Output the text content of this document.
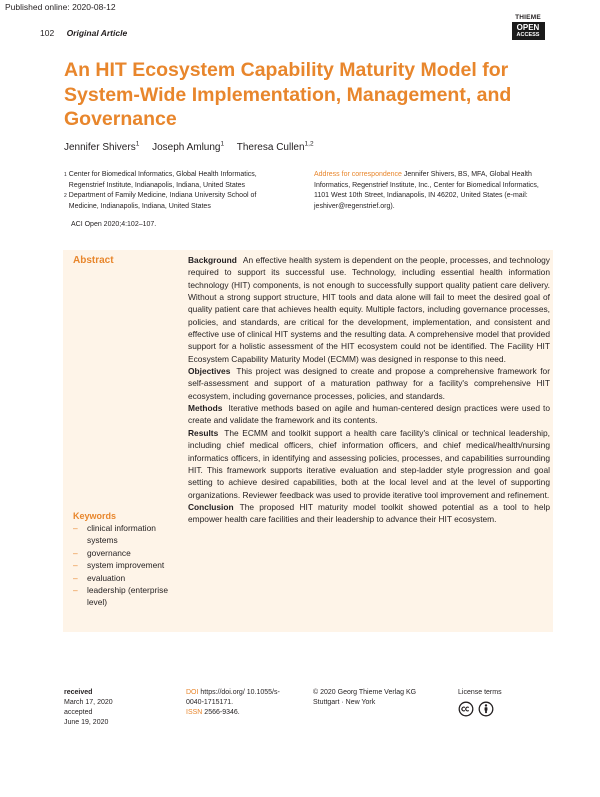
Published online: 2020-08-12
102 Original Article
THIEME
OPEN
ACCESS
An HIT Ecosystem Capability Maturity Model for System-Wide Implementation, Management, and Governance
Jennifer Shivers$^1$ Joseph Amlung$^1$ Theresa Cullen$^{1,2}$
1 Center for Biomedical Informatics, Global Health Informatics, Regenstrief Institute, Indianapolis, Indiana, United States
2 Department of Family Medicine, Indiana University School of Medicine, Indianapolis, Indiana, United States
Address for correspondence Jennifer Shivers, BS, MFA, Global Health Informatics, Regenstrief Institute, Inc., Center for Biomedical Informatics, 1101 West 10th Street, Indianapolis, IN 46202, United States (e-mail: jeshiver@regenstrief.org).
ACI Open 2020;4:102–107.
Abstract	Background An effective health system is dependent on the people, processes, and technology required to support its successful use. Technology, including essential health information technology (HIT) components, is not enough to successfully support quality patient care delivery. Without a strong support structure, HIT tools and data alone will fail to meet the desired goal of quality patient care that achieves health equity. Multiple factors, including governance processes, policies, and standards, are critical for the development, implementation, and consistent and effective use of clinical HIT systems and the resulting data. A comprehensive model that provided support for a holistic assessment of the HIT ecosystem could not be identified. The Facility HIT Ecosystem Capability Maturity Model (ECMM) was designed in response to this need.

Objectives This project was designed to create and propose a comprehensive framework for self-assessment and support of a maturation pathway for a facility's comprehensive HIT ecosystem, including governance processes, policies, and standards.

Methods Iterative methods based on agile and human-centered design practices were used to create and validate the framework and its contents.

Results The ECMM and toolkit support a health care facility's clinical or technical leadership, including chief medical officers, chief information officers, and chief medical/health/nursing informatics officers, in identifying and assessing policies, processes, and capabilities surrounding HIT. This framework supports iterative evaluation and step-ladder style progression and goal setting to achieve desired capabilities, both at the local level and at the level of supporting organizations. Reviewer feedback was used to provide iterative tool improvement and refinement.

Conclusion The proposed HIT maturity model toolkit showed potential as a tool to help empower health care facilities and their leadership to advance their HIT ecosystem.

Keywords
–	clinical information systems
–	governance
–	system improvement
–	evaluation
–	leadership (enterprise level)
received
March 17, 2020
accepted
June 19, 2020
DOI https://doi.org/ 10.1055/s-0040-1715171.
ISSN 2566-9346.
© 2020 Georg Thieme Verlag KG Stuttgart · New York
License terms
